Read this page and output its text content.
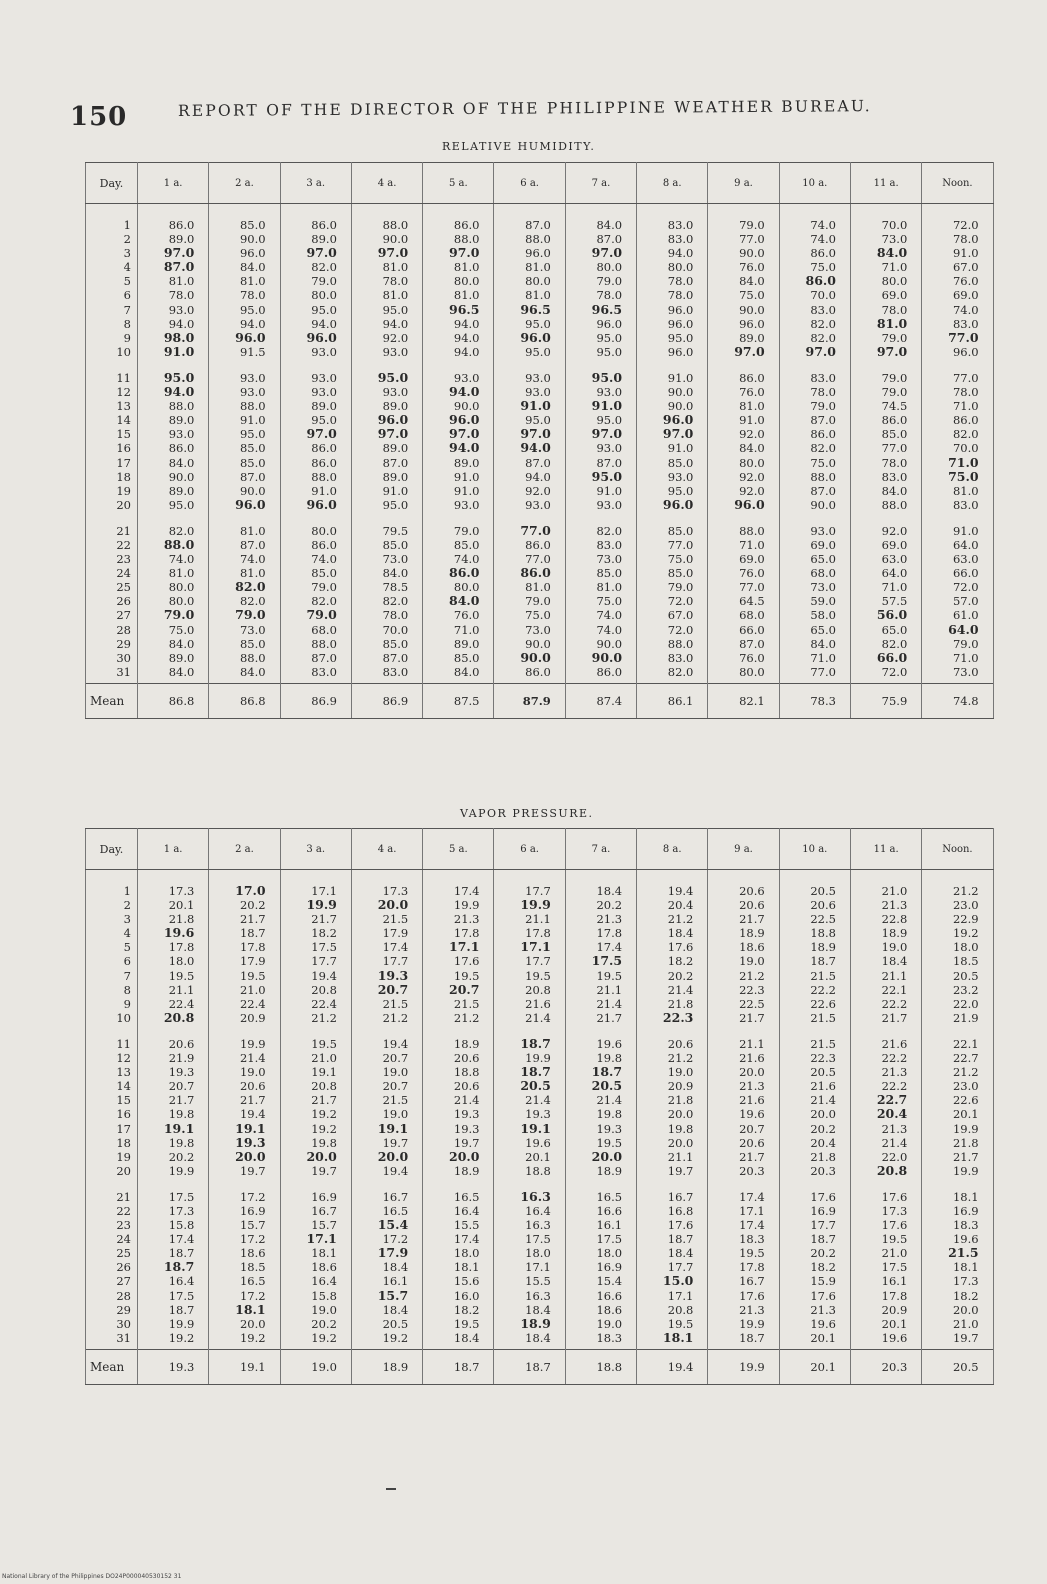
150	REPORT OF THE DIRECTOR OF THE PHILIPPINE WEATHER BUREAU.
RELATIVE HUMIDITY.
Day.	1 a.	2 a.	3 a.	4 a.	5 a.	6 a.	7 a.	8 a.	9 a.	10 a.	11 a.	Noon.
1	86.0	85.0	86.0	88.0	86.0	87.0	84.0	83.0	79.0	74.0	70.0	72.0
2	89.0	90.0	89.0	90.0	88.0	88.0	87.0	83.0	77.0	74.0	73.0	78.0
3	97.0	96.0	97.0	97.0	97.0	96.0	97.0	94.0	90.0	86.0	84.0	91.0
4	87.0	84.0	82.0	81.0	81.0	81.0	80.0	80.0	76.0	75.0	71.0	67.0
5	81.0	81.0	79.0	78.0	80.0	80.0	79.0	78.0	84.0	86.0	80.0	76.0
6	78.0	78.0	80.0	81.0	81.0	81.0	78.0	78.0	75.0	70.0	69.0	69.0
7	93.0	95.0	95.0	95.0	96.5	96.5	96.5	96.0	90.0	83.0	78.0	74.0
8	94.0	94.0	94.0	94.0	94.0	95.0	96.0	96.0	96.0	82.0	81.0	83.0
9	98.0	96.0	96.0	92.0	94.0	96.0	95.0	95.0	89.0	82.0	79.0	77.0
10	91.0	91.5	93.0	93.0	94.0	95.0	95.0	96.0	97.0	97.0	97.0	96.0
11	95.0	93.0	93.0	95.0	93.0	93.0	95.0	91.0	86.0	83.0	79.0	77.0
12	94.0	93.0	93.0	93.0	94.0	93.0	93.0	90.0	76.0	78.0	79.0	78.0
13	88.0	88.0	89.0	89.0	90.0	91.0	91.0	90.0	81.0	79.0	74.5	71.0
14	89.0	91.0	95.0	96.0	96.0	95.0	95.0	96.0	91.0	87.0	86.0	86.0
15	93.0	95.0	97.0	97.0	97.0	97.0	97.0	97.0	92.0	86.0	85.0	82.0
16	86.0	85.0	86.0	89.0	94.0	94.0	93.0	91.0	84.0	82.0	77.0	70.0
17	84.0	85.0	86.0	87.0	89.0	87.0	87.0	85.0	80.0	75.0	78.0	71.0
18	90.0	87.0	88.0	89.0	91.0	94.0	95.0	93.0	92.0	88.0	83.0	75.0
19	89.0	90.0	91.0	91.0	91.0	92.0	91.0	95.0	92.0	87.0	84.0	81.0
20	95.0	96.0	96.0	95.0	93.0	93.0	93.0	96.0	96.0	90.0	88.0	83.0
21	82.0	81.0	80.0	79.5	79.0	77.0	82.0	85.0	88.0	93.0	92.0	91.0
22	88.0	87.0	86.0	85.0	85.0	86.0	83.0	77.0	71.0	69.0	69.0	64.0
23	74.0	74.0	74.0	73.0	74.0	77.0	73.0	75.0	69.0	65.0	63.0	63.0
24	81.0	81.0	85.0	84.0	86.0	86.0	85.0	85.0	76.0	68.0	64.0	66.0
25	80.0	82.0	79.0	78.5	80.0	81.0	81.0	79.0	77.0	73.0	71.0	72.0
26	80.0	82.0	82.0	82.0	84.0	79.0	75.0	72.0	64.5	59.0	57.5	57.0
27	79.0	79.0	79.0	78.0	76.0	75.0	74.0	67.0	68.0	58.0	56.0	61.0
28	75.0	73.0	68.0	70.0	71.0	73.0	74.0	72.0	66.0	65.0	65.0	64.0
29	84.0	85.0	88.0	85.0	89.0	90.0	90.0	88.0	87.0	84.0	82.0	79.0
30	89.0	88.0	87.0	87.0	85.0	90.0	90.0	83.0	76.0	71.0	66.0	71.0
31	84.0	84.0	83.0	83.0	84.0	86.0	86.0	82.0	80.0	77.0	72.0	73.0
Mean	86.8	86.8	86.9	86.9	87.5	87.9	87.4	86.1	82.1	78.3	75.9	74.8
VAPOR PRESSURE.
Day.	1 a.	2 a.	3 a.	4 a.	5 a.	6 a.	7 a.	8 a.	9 a.	10 a.	11 a.	Noon.
1	17.3	17.0	17.1	17.3	17.4	17.7	18.4	19.4	20.6	20.5	21.0	21.2
2	20.1	20.2	19.9	20.0	19.9	19.9	20.2	20.4	20.6	20.6	21.3	23.0
3	21.8	21.7	21.7	21.5	21.3	21.1	21.3	21.2	21.7	22.5	22.8	22.9
4	19.6	18.7	18.2	17.9	17.8	17.8	17.8	18.4	18.9	18.8	18.9	19.2
5	17.8	17.8	17.5	17.4	17.1	17.1	17.4	17.6	18.6	18.9	19.0	18.0
6	18.0	17.9	17.7	17.7	17.6	17.7	17.5	18.2	19.0	18.7	18.4	18.5
7	19.5	19.5	19.4	19.3	19.5	19.5	19.5	20.2	21.2	21.5	21.1	20.5
8	21.1	21.0	20.8	20.7	20.7	20.8	21.1	21.4	22.3	22.2	22.1	23.2
9	22.4	22.4	22.4	21.5	21.5	21.6	21.4	21.8	22.5	22.6	22.2	22.0
10	20.8	20.9	21.2	21.2	21.2	21.4	21.7	22.3	21.7	21.5	21.7	21.9
11	20.6	19.9	19.5	19.4	18.9	18.7	19.6	20.6	21.1	21.5	21.6	22.1
12	21.9	21.4	21.0	20.7	20.6	19.9	19.8	21.2	21.6	22.3	22.2	22.7
13	19.3	19.0	19.1	19.0	18.8	18.7	18.7	19.0	20.0	20.5	21.3	21.2
14	20.7	20.6	20.8	20.7	20.6	20.5	20.5	20.9	21.3	21.6	22.2	23.0
15	21.7	21.7	21.7	21.5	21.4	21.4	21.4	21.8	21.6	21.4	22.7	22.6
16	19.8	19.4	19.2	19.0	19.3	19.3	19.8	20.0	19.6	20.0	20.4	20.1
17	19.1	19.1	19.2	19.1	19.3	19.1	19.3	19.8	20.7	20.2	21.3	19.9
18	19.8	19.3	19.8	19.7	19.7	19.6	19.5	20.0	20.6	20.4	21.4	21.8
19	20.2	20.0	20.0	20.0	20.0	20.1	20.0	21.1	21.7	21.8	22.0	21.7
20	19.9	19.7	19.7	19.4	18.9	18.8	18.9	19.7	20.3	20.3	20.8	19.9
21	17.5	17.2	16.9	16.7	16.5	16.3	16.5	16.7	17.4	17.6	17.6	18.1
22	17.3	16.9	16.7	16.5	16.4	16.4	16.6	16.8	17.1	16.9	17.3	16.9
23	15.8	15.7	15.7	15.4	15.5	16.3	16.1	17.6	17.4	17.7	17.6	18.3
24	17.4	17.2	17.1	17.2	17.4	17.5	17.5	18.7	18.3	18.7	19.5	19.6
25	18.7	18.6	18.1	17.9	18.0	18.0	18.0	18.4	19.5	20.2	21.0	21.5
26	18.7	18.5	18.6	18.4	18.1	17.1	16.9	17.7	17.8	18.2	17.5	18.1
27	16.4	16.5	16.4	16.1	15.6	15.5	15.4	15.0	16.7	15.9	16.1	17.3
28	17.5	17.2	15.8	15.7	16.0	16.3	16.6	17.1	17.6	17.6	17.8	18.2
29	18.7	18.1	19.0	18.4	18.2	18.4	18.6	20.8	21.3	21.3	20.9	20.0
30	19.9	20.0	20.2	20.5	19.5	18.9	19.0	19.5	19.9	19.6	20.1	21.0
31	19.2	19.2	19.2	19.2	18.4	18.4	18.3	18.1	18.7	20.1	19.6	19.7
Mean	19.3	19.1	19.0	18.9	18.7	18.7	18.8	19.4	19.9	20.1	20.3	20.5
National Library of the Philippines DO24P000040530152 31
